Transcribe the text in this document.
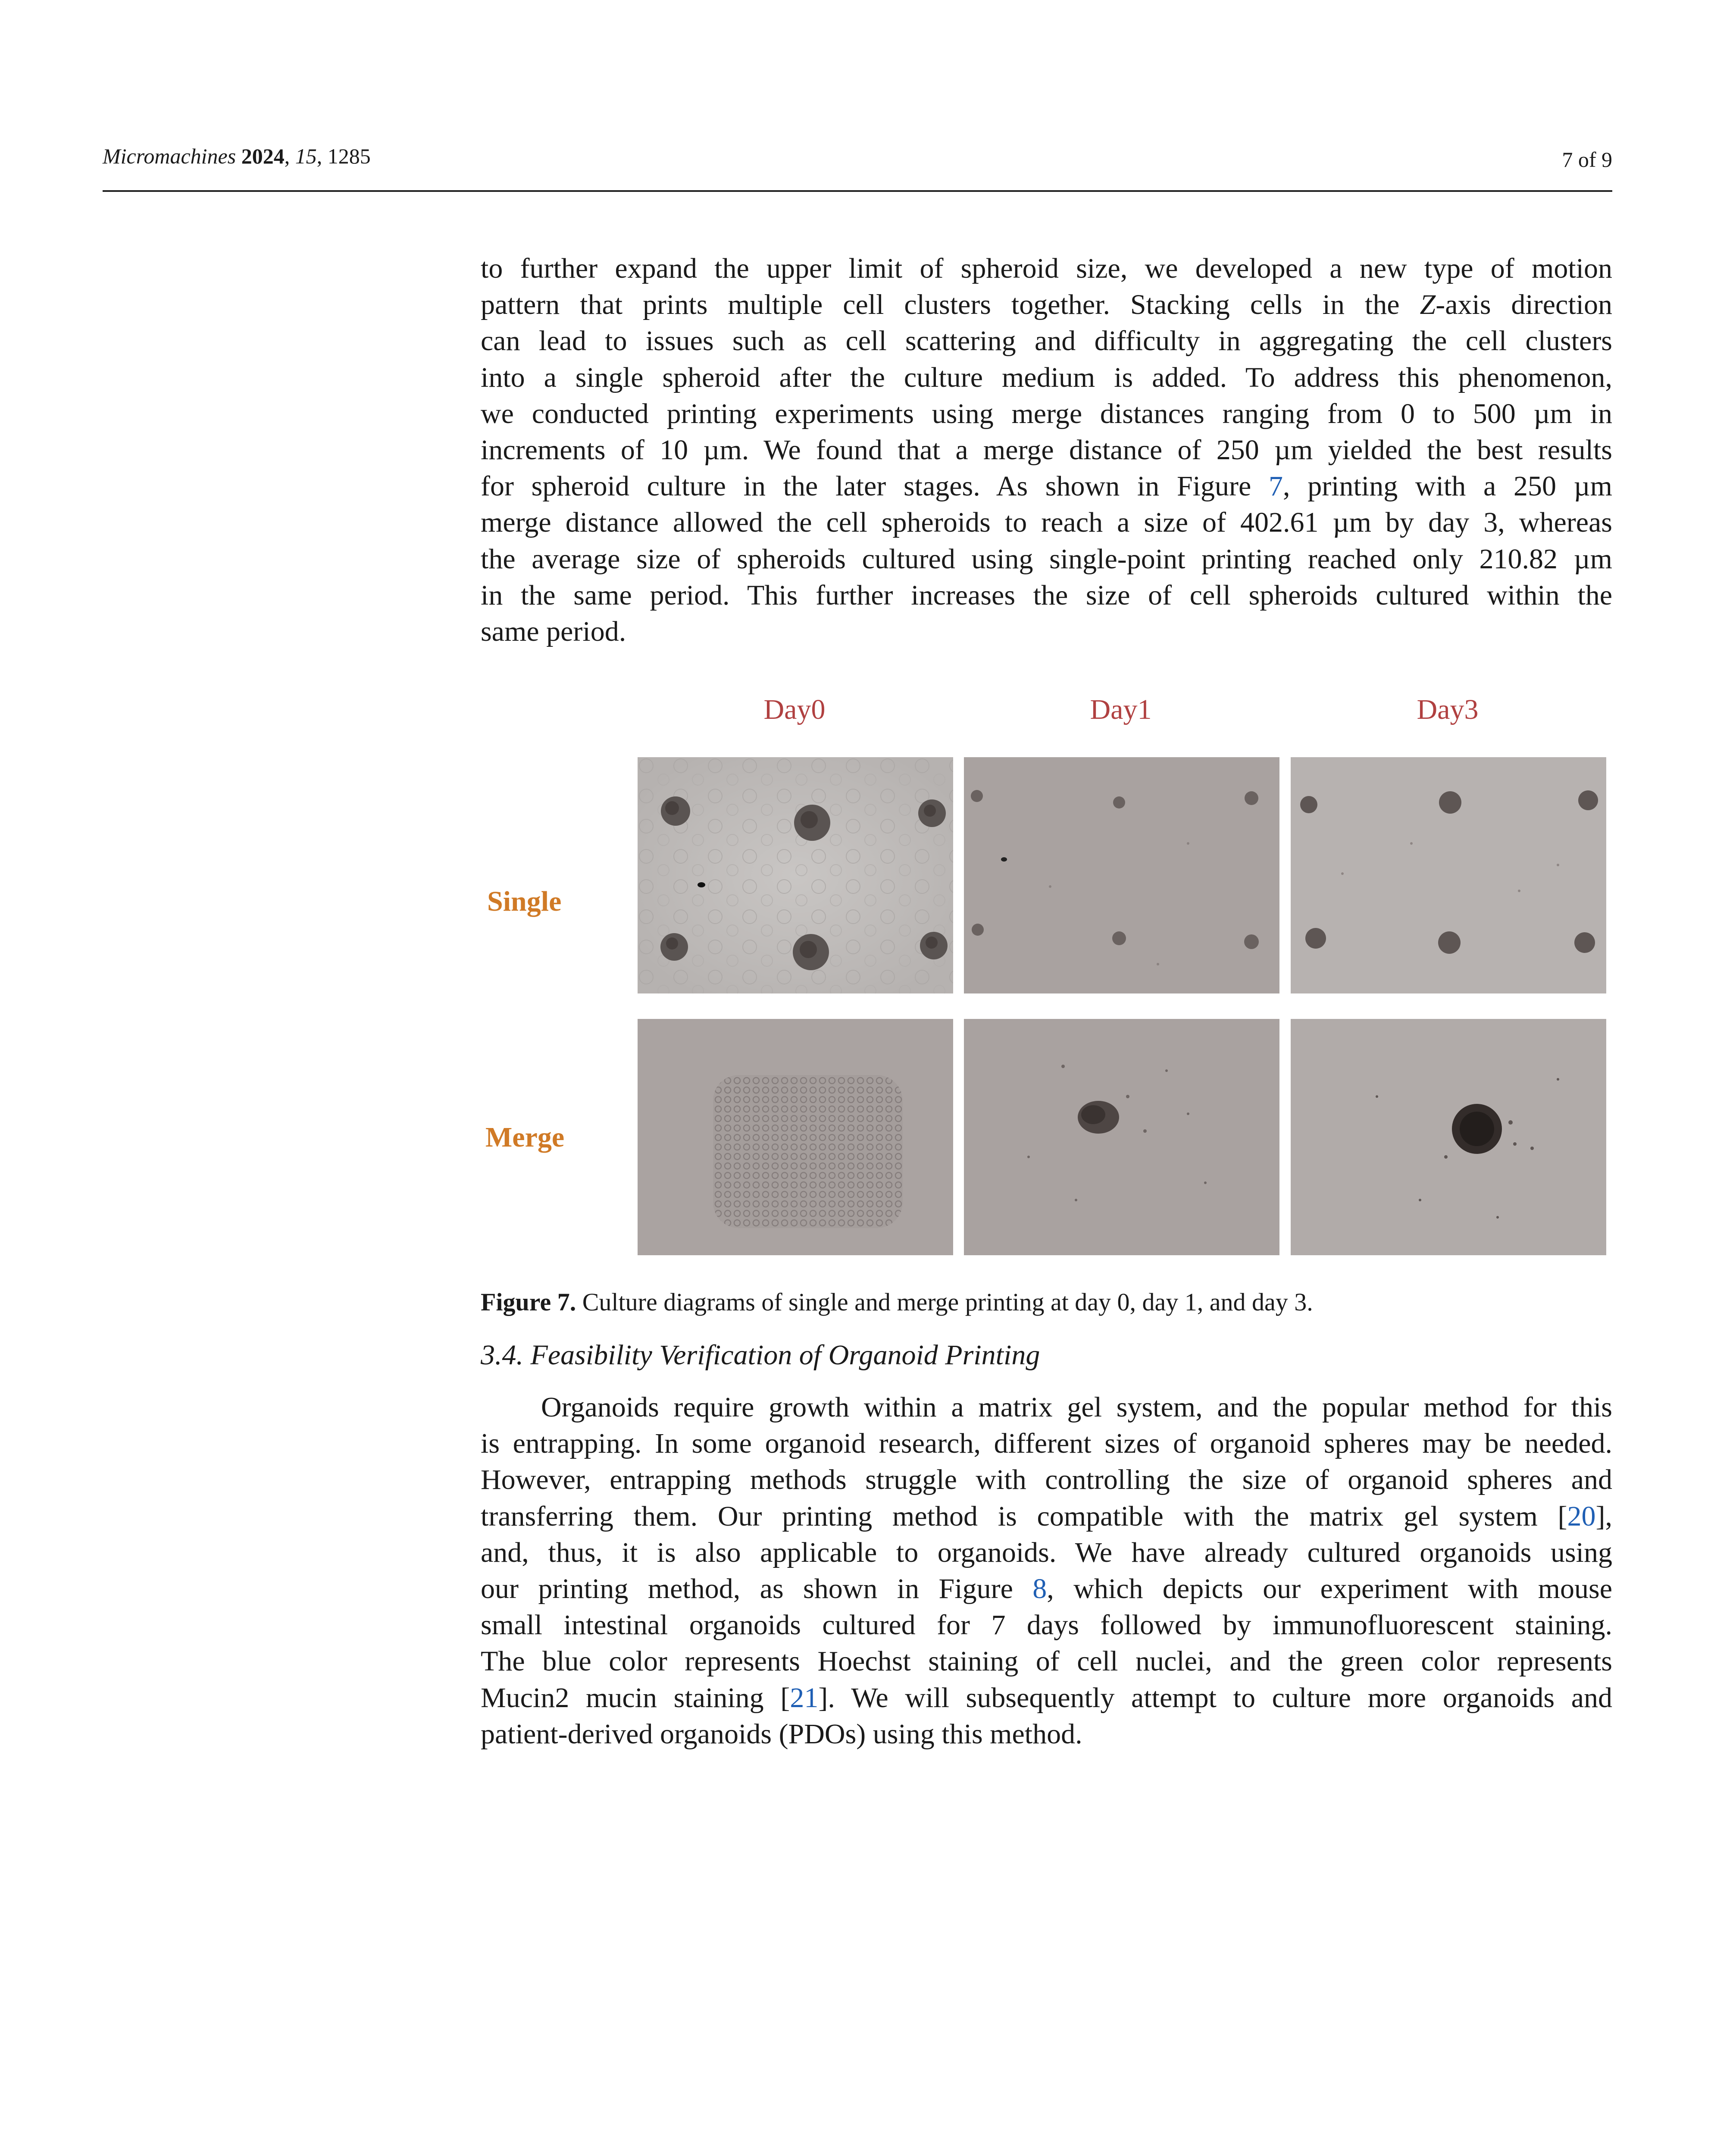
Micromachines 2024, 15, 1285	7 of 9
to further expand the upper limit of spheroid size, we developed a new type of motion
pattern that prints multiple cell clusters together. Stacking cells in the Z-axis direction
can lead to issues such as cell scattering and difficulty in aggregating the cell clusters
into a single spheroid after the culture medium is added. To address this phenomenon,
we conducted printing experiments using merge distances ranging from 0 to 500 µm in
increments of 10 µm. We found that a merge distance of 250 µm yielded the best results
for spheroid culture in the later stages. As shown in Figure 7, printing with a 250 µm
merge distance allowed the cell spheroids to reach a size of 402.61 µm by day 3, whereas
the average size of spheroids cultured using single-point printing reached only 210.82 µm
in the same period. This further increases the size of cell spheroids cultured within the
same period.
Day0	Day1	Day3
Single
Merge
Figure 7. Culture diagrams of single and merge printing at day 0, day 1, and day 3.
3.4. Feasibility Verification of Organoid Printing
Organoids require growth within a matrix gel system, and the popular method for this
is entrapping. In some organoid research, different sizes of organoid spheres may be needed.
However, entrapping methods struggle with controlling the size of organoid spheres and
transferring them. Our printing method is compatible with the matrix gel system [20],
and, thus, it is also applicable to organoids. We have already cultured organoids using
our printing method, as shown in Figure 8, which depicts our experiment with mouse
small intestinal organoids cultured for 7 days followed by immunofluorescent staining.
The blue color represents Hoechst staining of cell nuclei, and the green color represents
Mucin2 mucin staining [21]. We will subsequently attempt to culture more organoids and
patient-derived organoids (PDOs) using this method.
